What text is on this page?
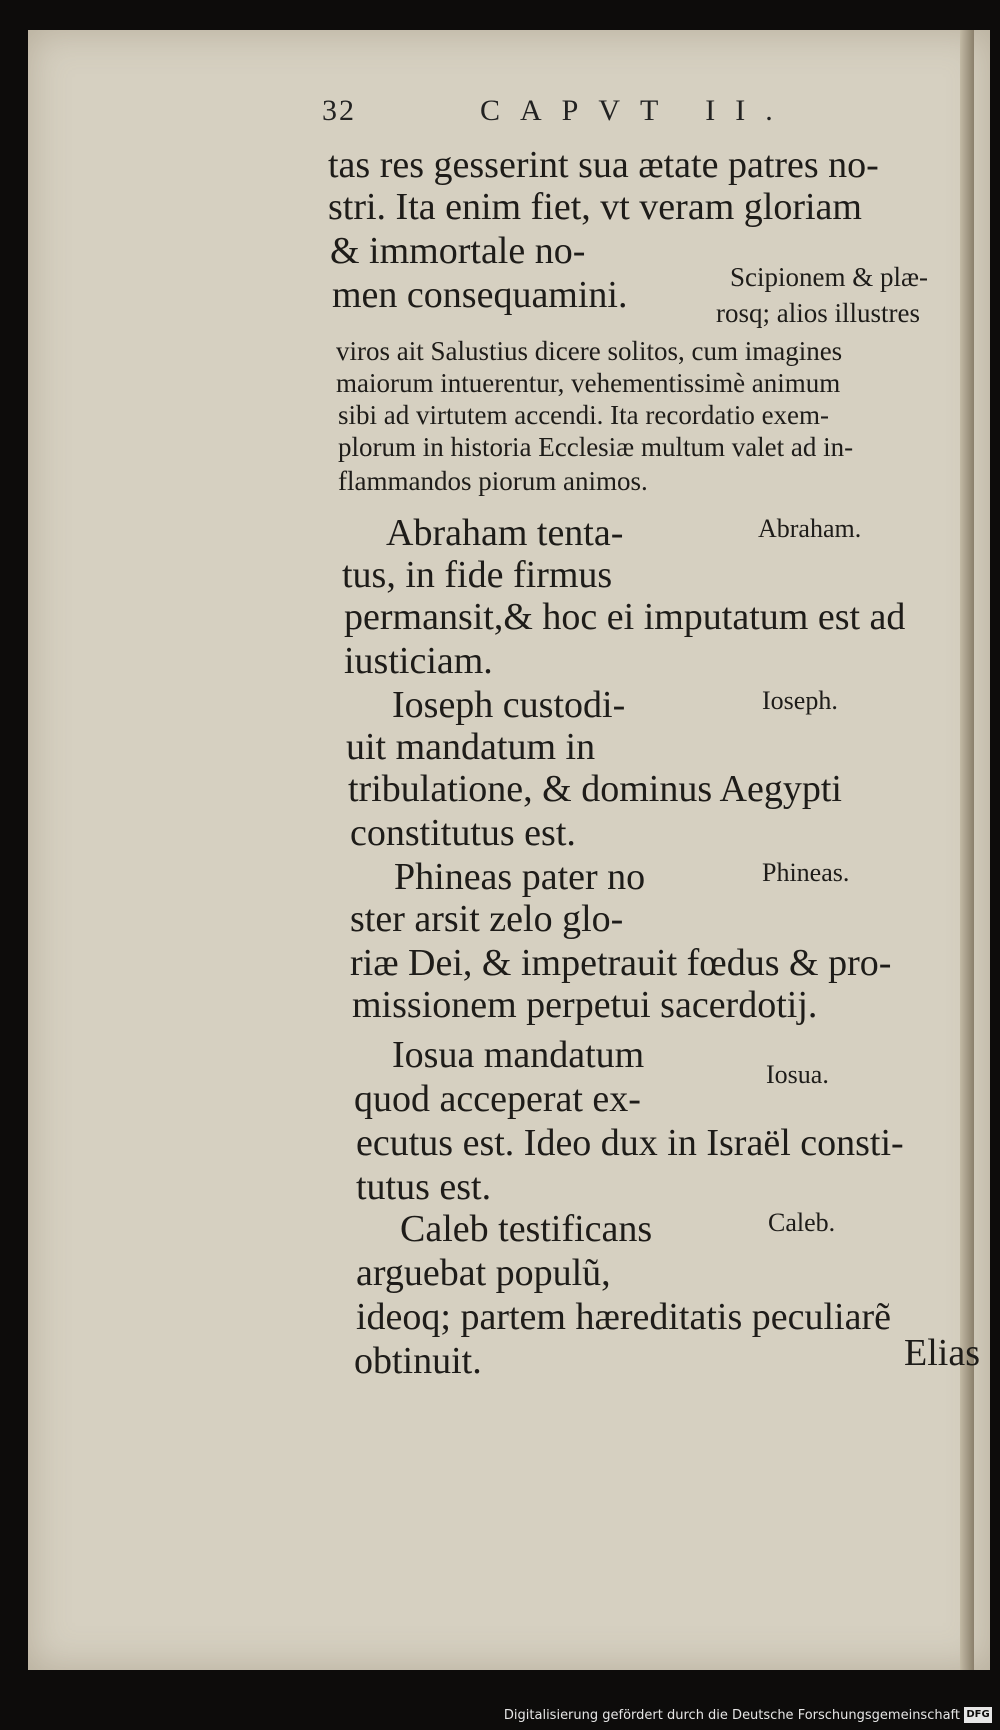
32	CAPVT II.
tas res gesserint sua ætate patres no-
stri. Ita enim fiet, vt veram gloriam
& immortale no-
men consequamini.	Scipionem & plæ-
rosq; alios illustres
viros ait Salustius dicere solitos, cum imagines
maiorum intuerentur, vehementissimè animum
sibi ad virtutem accendi. Ita recordatio exem-
plorum in historia Ecclesiæ multum valet ad in-
flammandos piorum animos.
Abraham tenta-
tus, in fide firmus
permansit,& hoc ei imputatum est ad
iusticiam.
Ioseph custodi-
uit mandatum in
tribulatione, & dominus Aegypti
constitutus est.
Phineas pater no
ster arsit zelo glo-
riæ Dei, & impetrauit fœdus & pro-
missionem perpetui sacerdotij.
Iosua mandatum
quod acceperat ex-
ecutus est. Ideo dux in Israël consti-
tutus est.
Caleb testificans
arguebat populũ,
ideoq; partem hæreditatis peculiarẽ
obtinuit.	Elias
Abraham.
Ioseph.
Phineas.
Iosua.
Caleb.
Digitalisierung gefördert durch die Deutsche Forschungsgemeinschaft DFG
